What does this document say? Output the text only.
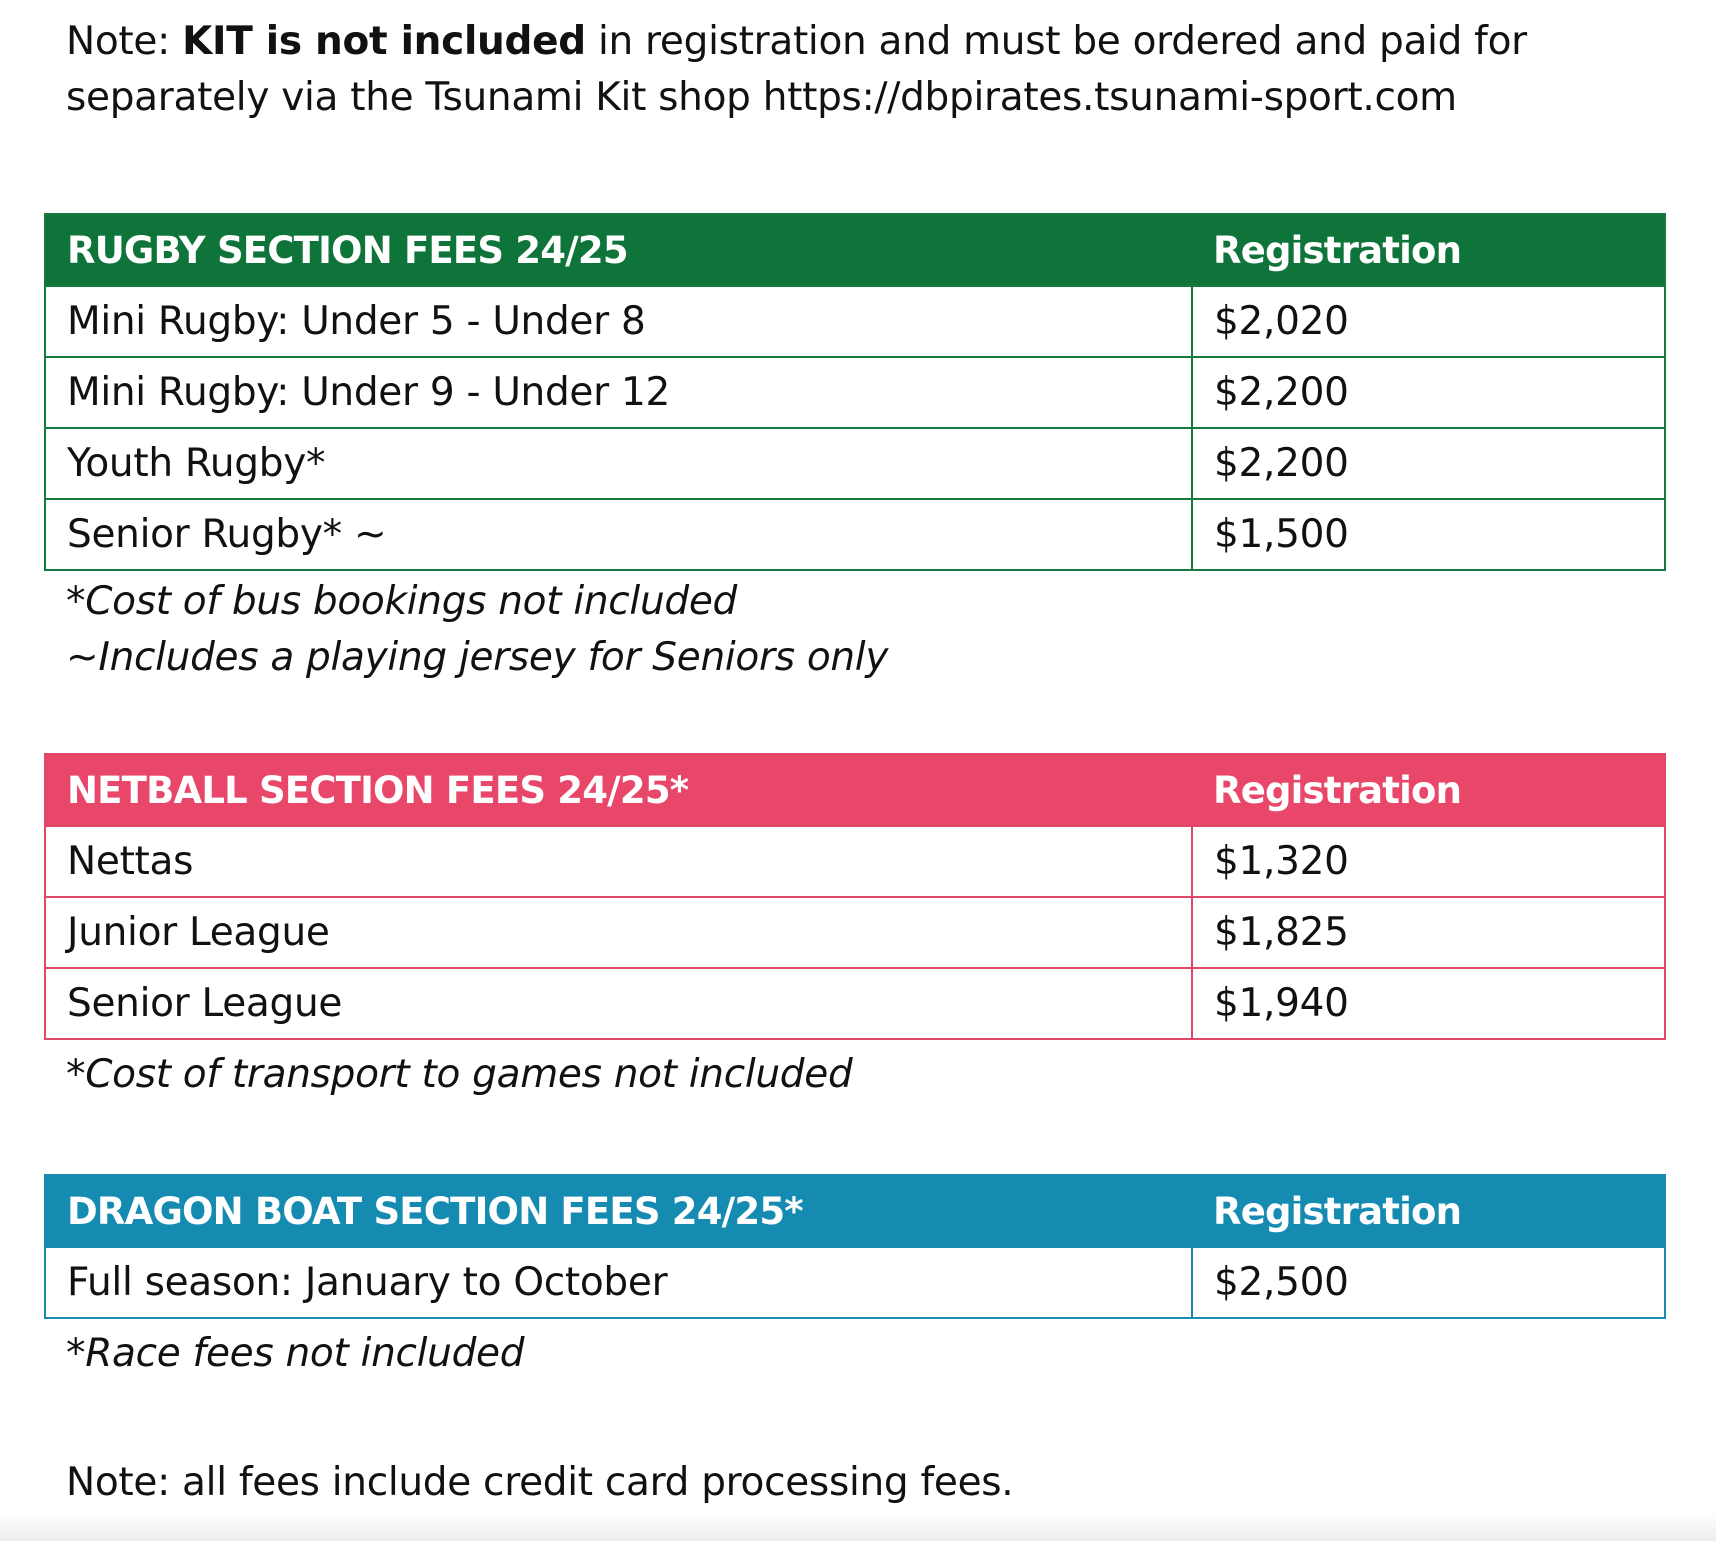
Note: KIT is not included in registration and must be ordered and paid for separately via the Tsunami Kit shop https://dbpirates.tsunami-sport.com
RUGBY SECTION FEES 24/25	Registration
Mini Rugby: Under 5 - Under 8	$2,020
Mini Rugby: Under 9 - Under 12	$2,200
Youth Rugby*	$2,200
Senior Rugby* ~	$1,500
*Cost of bus bookings not included
~Includes a playing jersey for Seniors only
NETBALL SECTION FEES 24/25*	Registration
Nettas	$1,320
Junior League	$1,825
Senior League	$1,940
*Cost of transport to games not included
DRAGON BOAT SECTION FEES 24/25*	Registration
Full season: January to October	$2,500
*Race fees not included
Note: all fees include credit card processing fees.
